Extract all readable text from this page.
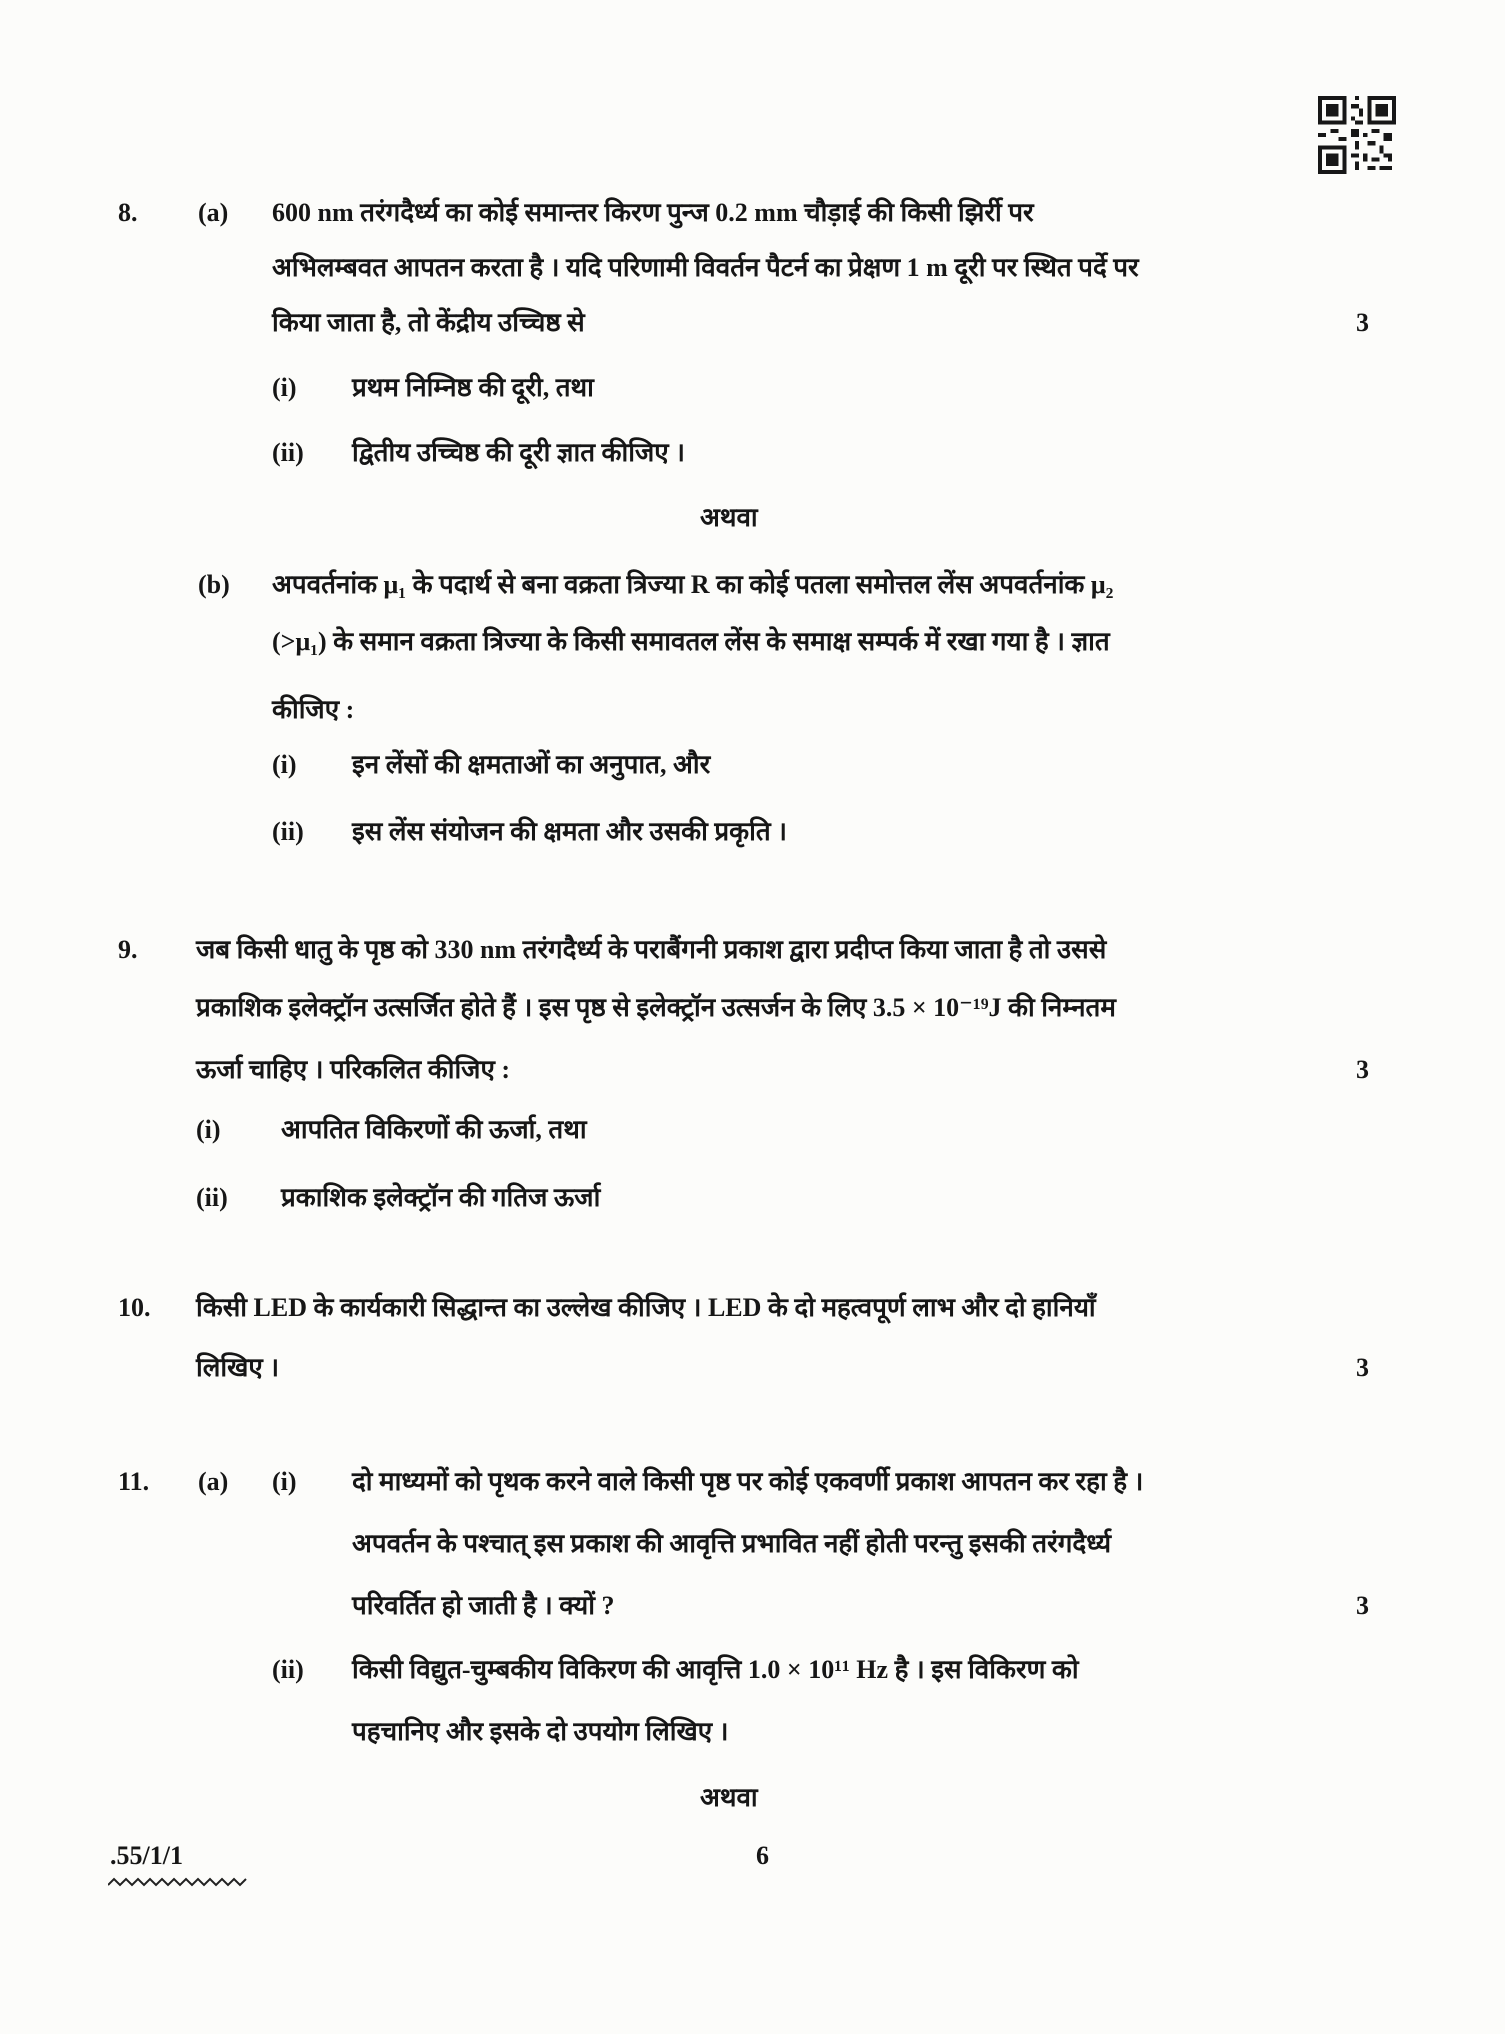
8. (a) 600 nm तरंगदैर्ध्य का कोई समान्तर किरण पुन्ज 0.2 mm चौड़ाई की किसी झिर्री पर
अभिलम्बवत आपतन करता है । यदि परिणामी विवर्तन पैटर्न का प्रेक्षण 1 m दूरी पर स्थित पर्दे पर
किया जाता है, तो केंद्रीय उच्चिष्ठ से	3
(i) प्रथम निम्निष्ठ की दूरी, तथा
(ii) द्वितीय उच्चिष्ठ की दूरी ज्ञात कीजिए ।
अथवा
(b) अपवर्तनांक μ₁ के पदार्थ से बना वक्रता त्रिज्या R का कोई पतला समोत्तल लेंस अपवर्तनांक μ₂
(>μ₁) के समान वक्रता त्रिज्या के किसी समावतल लेंस के समाक्ष सम्पर्क में रखा गया है । ज्ञात
कीजिए :
(i) इन लेंसों की क्षमताओं का अनुपात, और
(ii) इस लेंस संयोजन की क्षमता और उसकी प्रकृति ।
9. जब किसी धातु के पृष्ठ को 330 nm तरंगदैर्ध्य के पराबैंगनी प्रकाश द्वारा प्रदीप्त किया जाता है तो उससे
प्रकाशिक इलेक्ट्रॉन उत्सर्जित होते हैं । इस पृष्ठ से इलेक्ट्रॉन उत्सर्जन के लिए 3.5 × 10⁻¹⁹J की निम्नतम
ऊर्जा चाहिए । परिकलित कीजिए :	3
(i) आपतित विकिरणों की ऊर्जा, तथा
(ii) प्रकाशिक इलेक्ट्रॉन की गतिज ऊर्जा
10. किसी LED के कार्यकारी सिद्धान्त का उल्लेख कीजिए । LED के दो महत्वपूर्ण लाभ और दो हानियाँ
लिखिए ।	3
11. (a) (i) दो माध्यमों को पृथक करने वाले किसी पृष्ठ पर कोई एकवर्णी प्रकाश आपतन कर रहा है ।
अपवर्तन के पश्चात् इस प्रकाश की आवृत्ति प्रभावित नहीं होती परन्तु इसकी तरंगदैर्ध्य
परिवर्तित हो जाती है । क्यों ?	3
(ii) किसी विद्युत-चुम्बकीय विकिरण की आवृत्ति 1.0 × 10¹¹ Hz है । इस विकिरण को
पहचानिए और इसके दो उपयोग लिखिए ।
अथवा
.55/1/1	6
